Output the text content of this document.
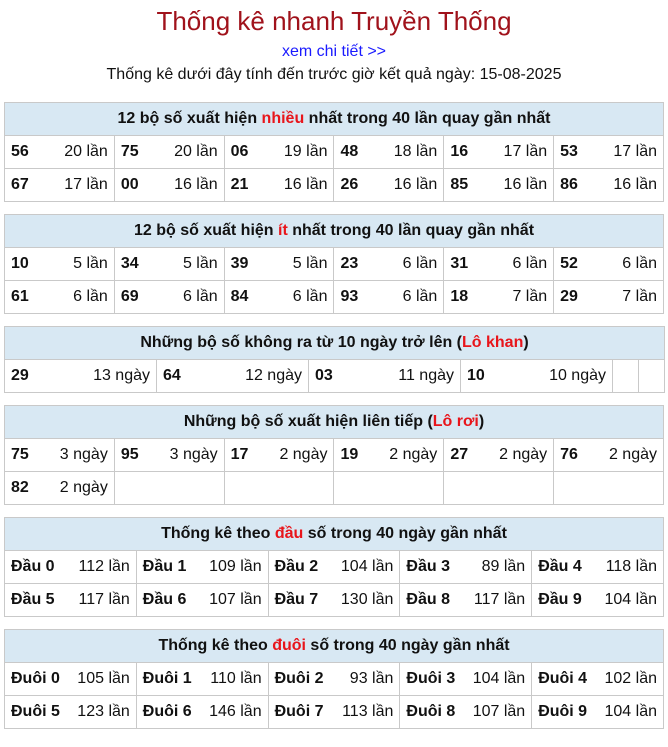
Thống kê nhanh Truyền Thống
xem chi tiết >>
Thống kê dưới đây tính đến trước giờ kết quả ngày: 15-08-2025
12 bộ số xuất hiện nhiều nhất trong 40 lần quay gần nhất					
56 20 lần	75 20 lần	06 19 lần	48 18 lần	16 17 lần	53 17 lần

67 17 lần	00 16 lần	21 16 lần	26 16 lần	85 16 lần	86 16 lần
12 bộ số xuất hiện ít nhất trong 40 lần quay gần nhất					
10 5 lần	34 5 lần	39 5 lần	23 6 lần	31 6 lần	52 6 lần

61 6 lần	69 6 lần	84 6 lần	93 6 lần	18 7 lần	29 7 lần
Những bộ số không ra từ 10 ngày trở lên (Lô khan)
29	13 ngày	64	12 ngày	03	11 ngày	10	10 ngày

Những bộ số xuất hiện liên tiếp (Lô rơi)					
75 3 ngày	95 3 ngày	17 2 ngày	19 2 ngày	27 2 ngày	76 2 ngày

82 2 ngày					

Thống kê theo đầu số trong 40 ngày gần nhất				
Đầu 0 112 lần	Đầu 1 109 lần	Đầu 2 104 lần	Đầu 3 89 lần	Đầu 4 118 lần

Đầu 5 117 lần	Đầu 6 107 lần	Đầu 7 130 lần	Đầu 8 117 lần	Đầu 9 104 lần
Thống kê theo đuôi số trong 40 ngày gần nhất				
Đuôi 0 105 lần	Đuôi 1 110 lần	Đuôi 2 93 lần	Đuôi 3 104 lần	Đuôi 4 102 lần

Đuôi 5 123 lần	Đuôi 6 146 lần	Đuôi 7 113 lần	Đuôi 8 107 lần	Đuôi 9 104 lần
